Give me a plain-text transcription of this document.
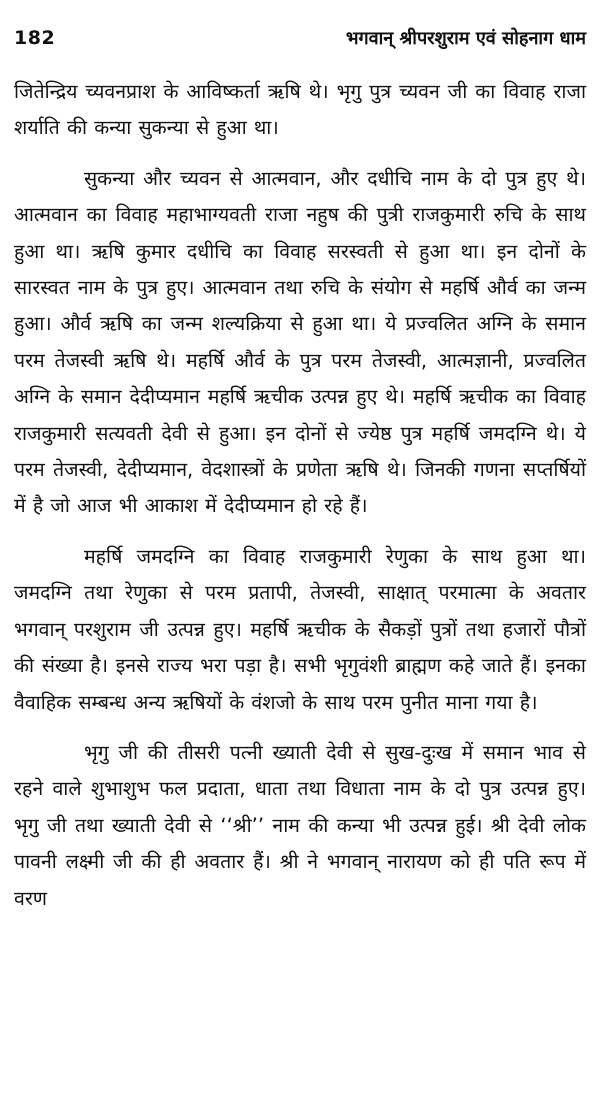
182	भगवान् श्रीपरशुराम एवं सोहनाग धाम

जितेन्द्रिय च्यवनप्राश के आविष्कर्ता ऋषि थे। भृगु पुत्र च्यवन जी का विवाह राजा शर्याति की कन्या सुकन्या से हुआ था।

सुकन्या और च्यवन से आत्मवान, और दधीचि नाम के दो पुत्र हुए थे। आत्मवान का विवाह महाभाग्यवती राजा नहुष की पुत्री राजकुमारी रुचि के साथ हुआ था। ऋषि कुमार दधीचि का विवाह सरस्वती से हुआ था। इन दोनों के सारस्वत नाम के पुत्र हुए। आत्मवान तथा रुचि के संयोग से महर्षि और्व का जन्म हुआ। और्व ऋषि का जन्म शल्यक्रिया से हुआ था। ये प्रज्वलित अग्नि के समान परम तेजस्वी ऋषि थे। महर्षि और्व के पुत्र परम तेजस्वी, आत्मज्ञानी, प्रज्वलित अग्नि के समान देदीप्यमान महर्षि ऋचीक उत्पन्न हुए थे। महर्षि ऋचीक का विवाह राजकुमारी सत्यवती देवी से हुआ। इन दोनों से ज्येष्ठ पुत्र महर्षि जमदग्नि थे। ये परम तेजस्वी, देदीप्यमान, वेदशास्त्रों के प्रणेता ऋषि थे। जिनकी गणना सप्तर्षियों में है जो आज भी आकाश में देदीप्यमान हो रहे हैं।

महर्षि जमदग्नि का विवाह राजकुमारी रेणुका के साथ हुआ था। जमदग्नि तथा रेणुका से परम प्रतापी, तेजस्वी, साक्षात् परमात्मा के अवतार भगवान् परशुराम जी उत्पन्न हुए। महर्षि ऋचीक के सैकड़ों पुत्रों तथा हजारों पौत्रों की संख्या है। इनसे राज्य भरा पड़ा है। सभी भृगुवंशी ब्राह्मण कहे जाते हैं। इनका वैवाहिक सम्बन्ध अन्य ऋषियों के वंशजो के साथ परम पुनीत माना गया है।

भृगु जी की तीसरी पत्नी ख्याती देवी से सुख-दुःख में समान भाव से रहने वाले शुभाशुभ फल प्रदाता, धाता तथा विधाता नाम के दो पुत्र उत्पन्न हुए। भृगु जी तथा ख्याती देवी से ‘‘श्री’’ नाम की कन्या भी उत्पन्न हुई। श्री देवी लोक पावनी लक्ष्मी जी की ही अवतार हैं। श्री ने भगवान् नारायण को ही पति रूप में वरण
